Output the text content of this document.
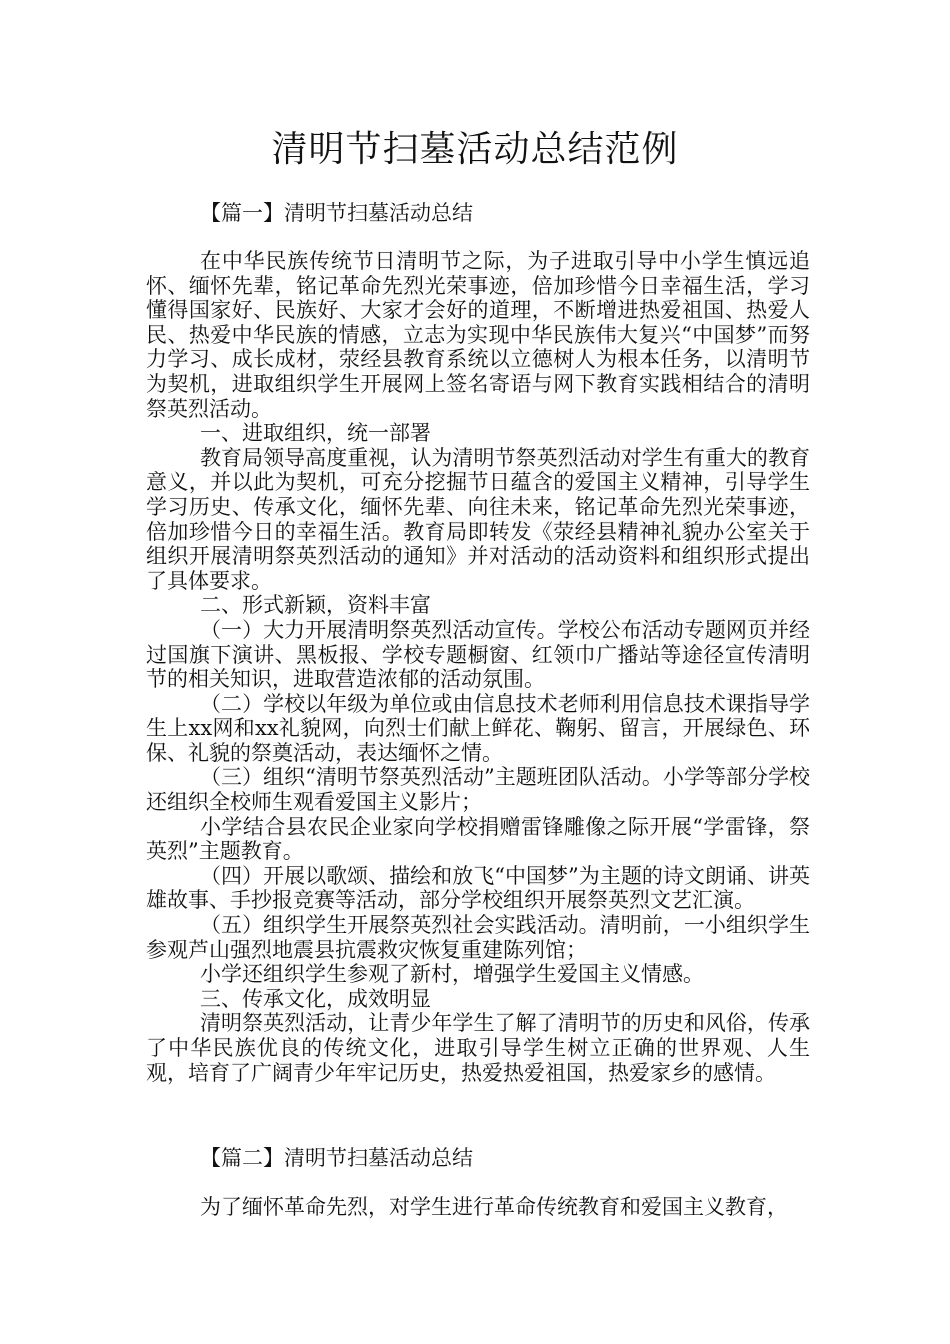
清明节扫墓活动总结范例
【篇一】清明节扫墓活动总结

在中华民族传统节日清明节之际，为子进取引导中小学生慎远追怀、缅怀先辈，铭记革命先烈光荣事迹，倍加珍惜今日幸福生活，学习懂得国家好、民族好、大家才会好的道理，不断增进热爱祖国、热爱人民、热爱中华民族的情感，立志为实现中华民族伟大复兴“中国梦”而努力学习、成长成材，荥经县教育系统以立德树人为根本任务，以清明节为契机，进取组织学生开展网上签名寄语与网下教育实践相结合的清明祭英烈活动。

一、进取组织，统一部署

教育局领导高度重视，认为清明节祭英烈活动对学生有重大的教育意义，并以此为契机，可充分挖掘节日蕴含的爱国主义精神，引导学生学习历史、传承文化，缅怀先辈、向往未来，铭记革命先烈光荣事迹，倍加珍惜今日的幸福生活。教育局即转发《荥经县精神礼貌办公室关于组织开展清明祭英烈活动的通知》并对活动的活动资料和组织形式提出了具体要求。

二、形式新颖，资料丰富

（一）大力开展清明祭英烈活动宣传。学校公布活动专题网页并经过国旗下演讲、黑板报、学校专题橱窗、红领巾广播站等途径宣传清明节的相关知识，进取营造浓郁的活动氛围。

（二）学校以年级为单位或由信息技术老师利用信息技术课指导学生上xx网和xx礼貌网，向烈士们献上鲜花、鞠躬、留言，开展绿色、环保、礼貌的祭奠活动，表达缅怀之情。

（三）组织“清明节祭英烈活动”主题班团队活动。小学等部分学校还组织全校师生观看爱国主义影片；

小学结合县农民企业家向学校捐赠雷锋雕像之际开展“学雷锋，祭英烈”主题教育。

（四）开展以歌颂、描绘和放飞“中国梦”为主题的诗文朗诵、讲英雄故事、手抄报竞赛等活动，部分学校组织开展祭英烈文艺汇演。

（五）组织学生开展祭英烈社会实践活动。清明前，一小组织学生参观芦山强烈地震县抗震救灾恢复重建陈列馆；

小学还组织学生参观了新村，增强学生爱国主义情感。

三、传承文化，成效明显

清明祭英烈活动，让青少年学生了解了清明节的历史和风俗，传承了中华民族优良的传统文化，进取引导学生树立正确的世界观、人生观，培育了广阔青少年牢记历史，热爱热爱祖国，热爱家乡的感情。

【篇二】清明节扫墓活动总结

为了缅怀革命先烈，对学生进行革命传统教育和爱国主义教育，
